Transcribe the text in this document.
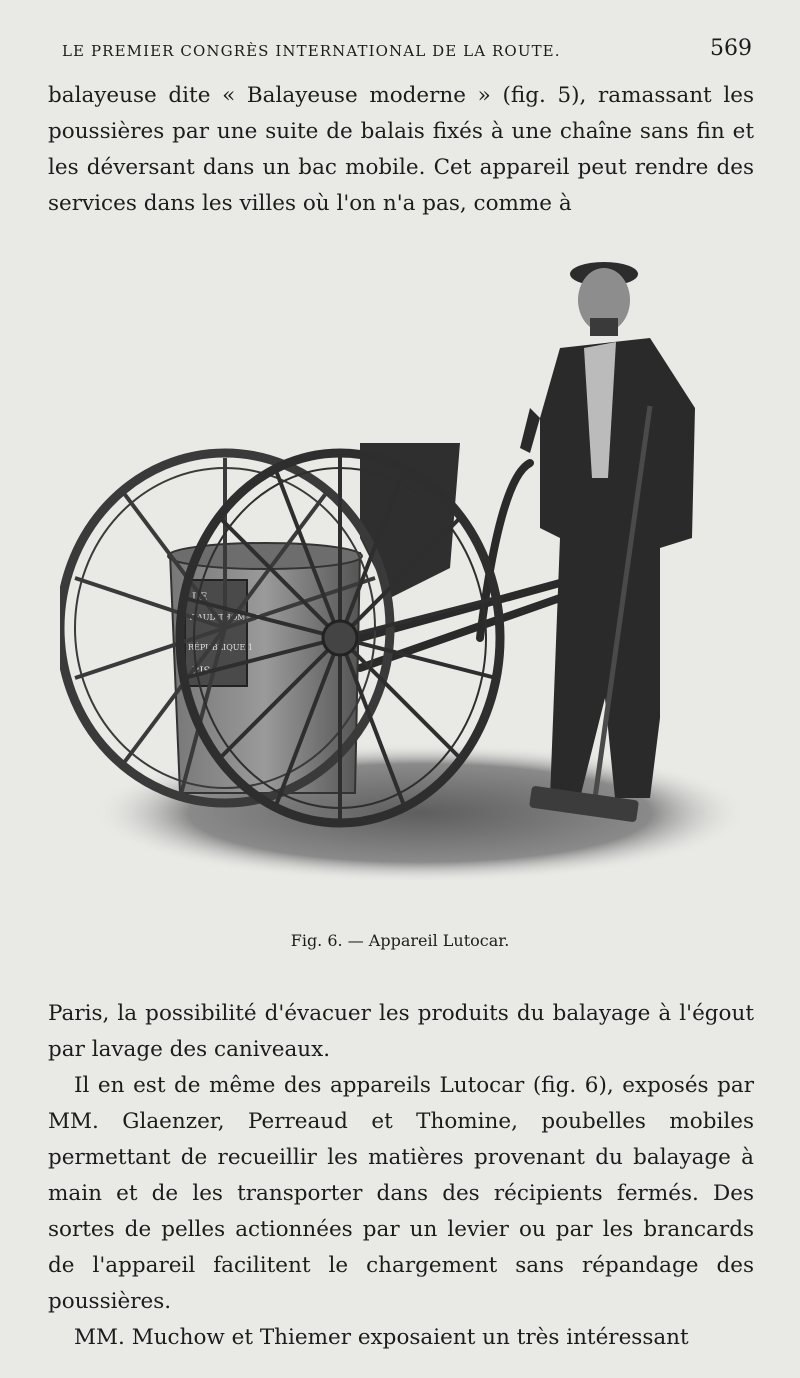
LE PREMIER CONGRÈS INTERNATIONAL DE LA ROUTE.	569

balayeuse dite « Balayeuse moderne » (fig. 5), ramassant les poussières par une suite de balais fixés à une chaîne sans fin et les déversant dans un bac mobile. Cet appareil peut rendre des services dans les villes où l'on n'a pas, comme à

DE
VIAUD-THOMINE
RÉPUBLIQUE 1
RIS
Fig. 6. — Appareil Lutocar.

Paris, la possibilité d'évacuer les produits du balayage à l'égout par lavage des caniveaux.

Il en est de même des appareils Lutocar (fig. 6), exposés par MM. Glaenzer, Perreaud et Thomine, poubelles mobiles permettant de recueillir les matières provenant du balayage à main et de les transporter dans des récipients fermés. Des sortes de pelles actionnées par un levier ou par les brancards de l'appareil facilitent le chargement sans répandage des poussières.

MM. Muchow et Thiemer exposaient un très intéressant
